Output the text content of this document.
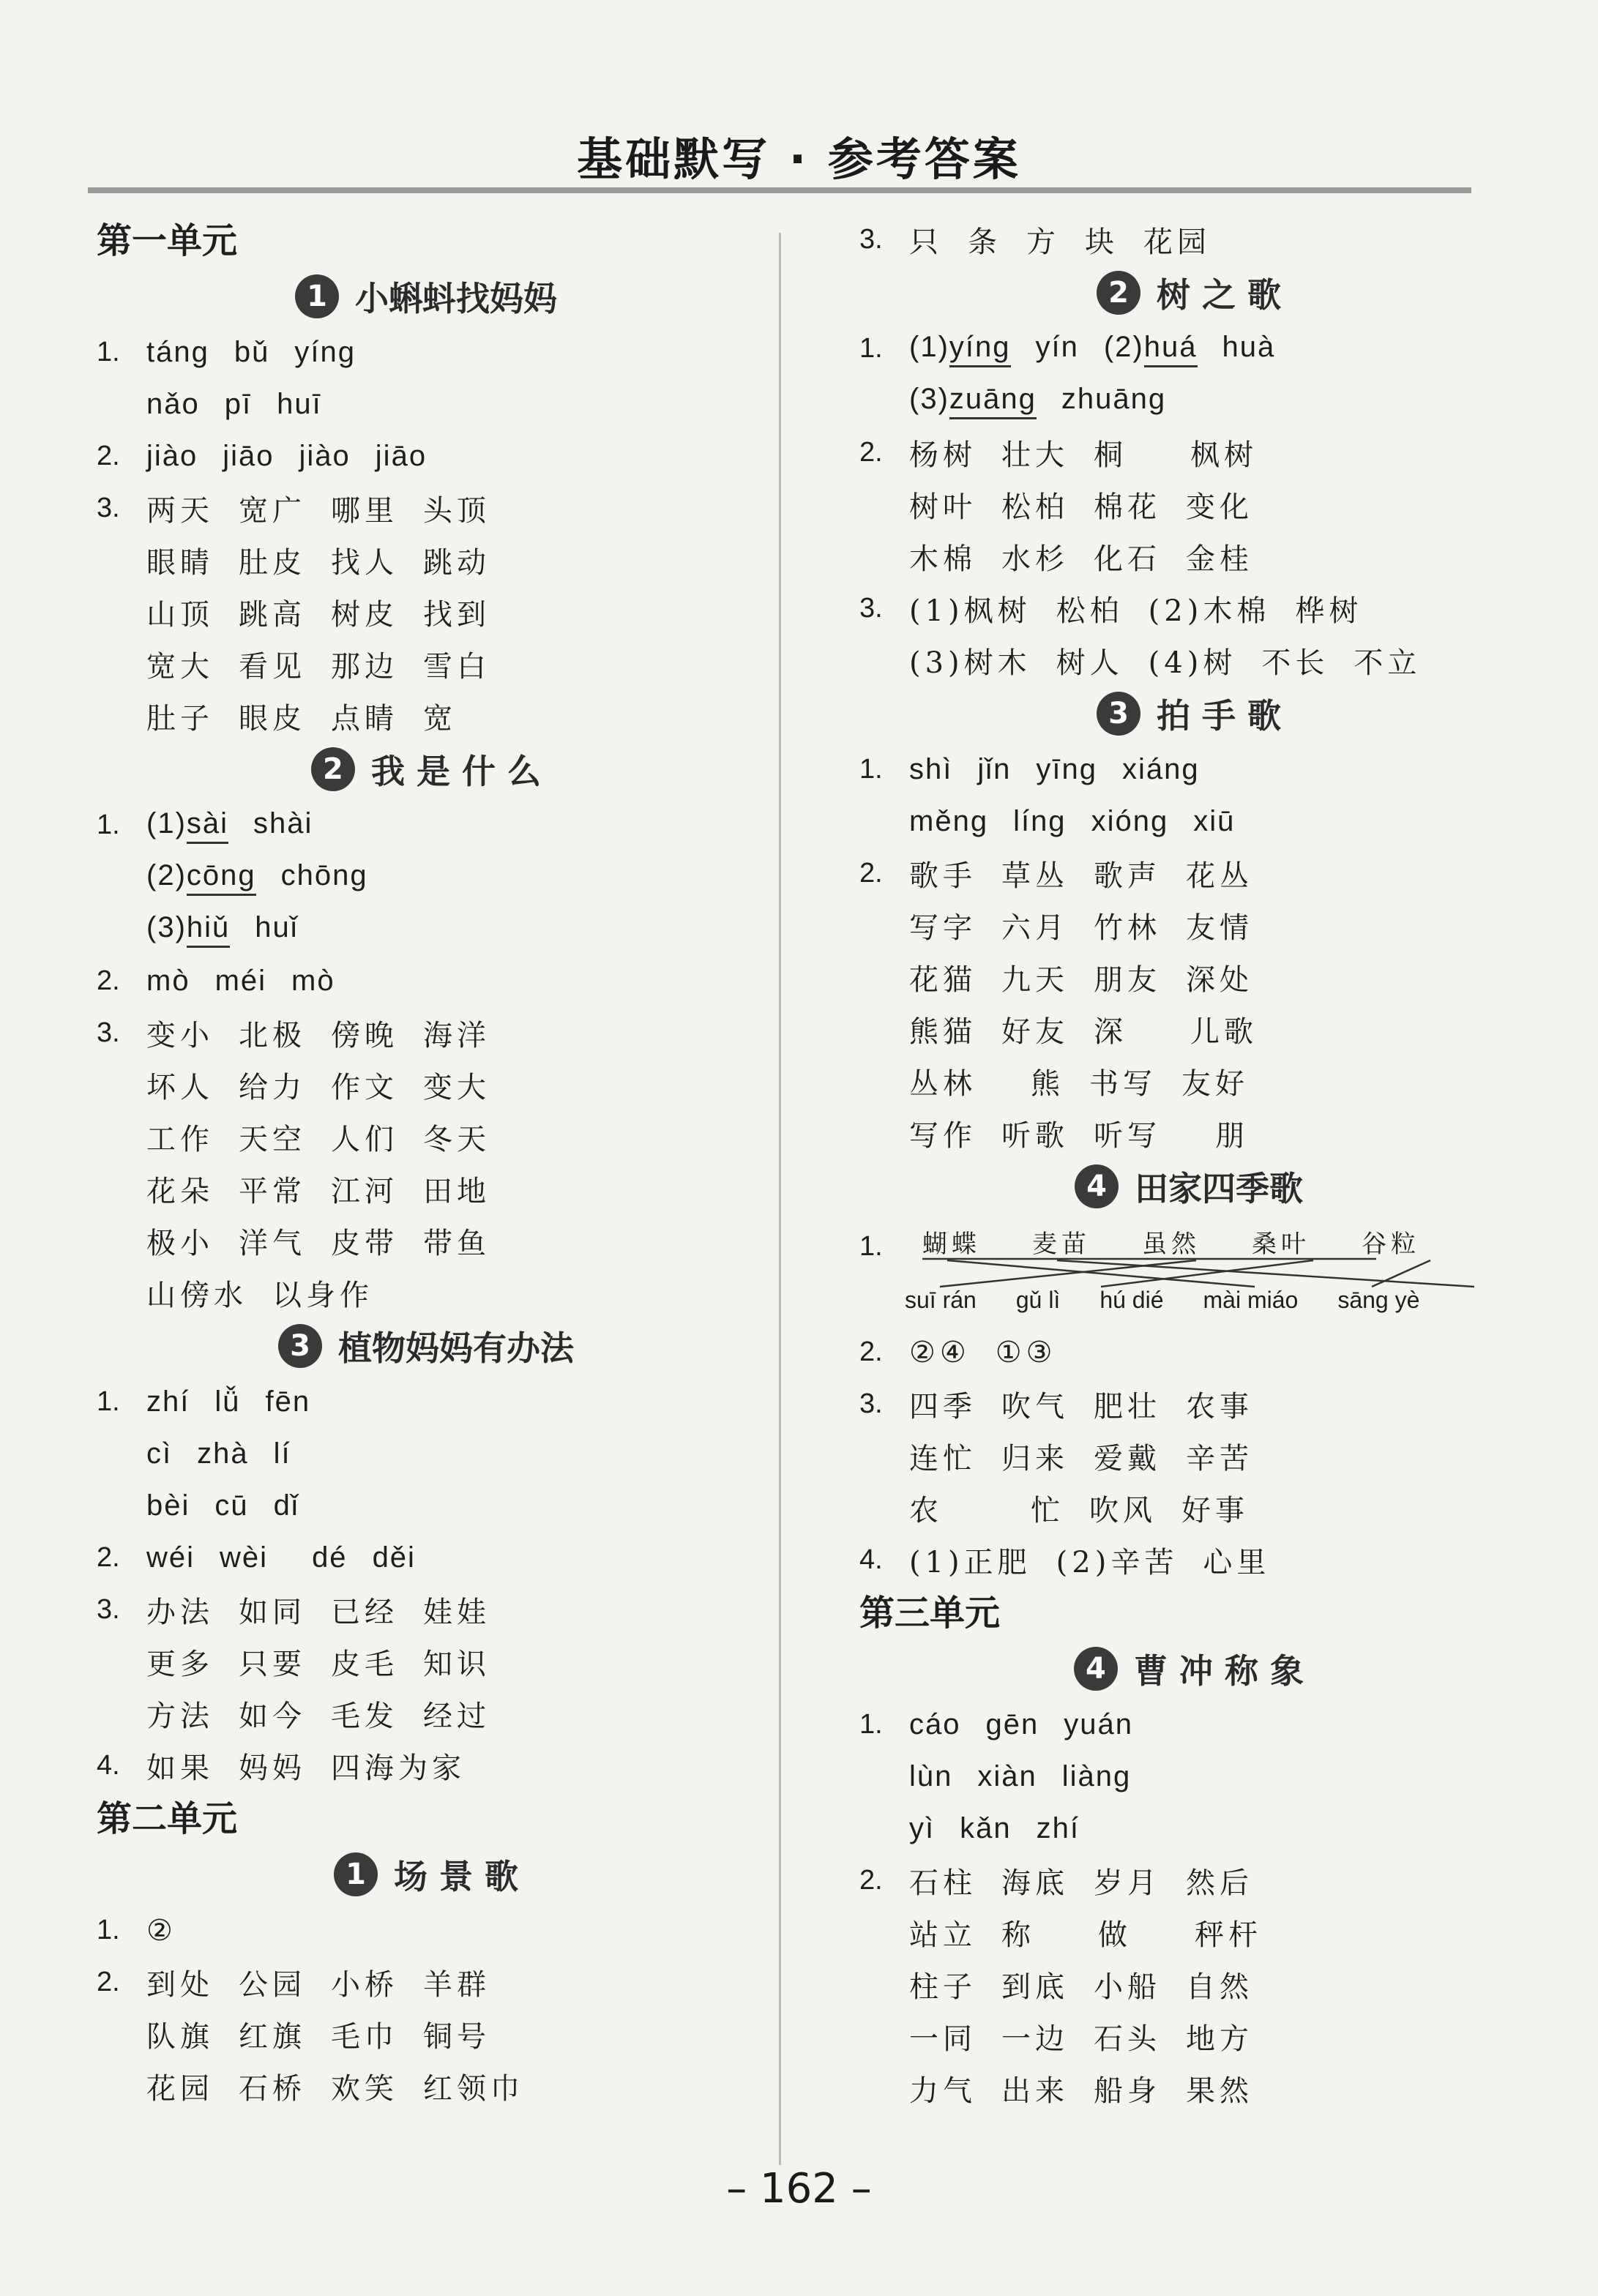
基础默写 · 参考答案
第一单元
1 小蝌蚪找妈妈
1. táng bǔ yíng
nǎo pī huī
2. jiào jiāo jiào jiāo
3. 两天 宽广 哪里 头顶
眼睛 肚皮 找人 跳动
山顶 跳高 树皮 找到
宽大 看见 那边 雪白
肚子 眼皮 点睛 宽
2 我 是 什 么
1. (1)sài shài
(2)cōng chōng
(3)hiǔ huǐ
2. mò méi mò
3. 变小 北极 傍晚 海洋
坏人 给力 作文 变大
工作 天空 人们 冬天
花朵 平常 江河 田地
极小 洋气 皮带 带鱼
山傍水 以身作
3 植物妈妈有办法
1. zhí lǚ fēn
cì zhà lí
bèi cū dǐ
2. wéi wèi dé děi
3. 办法 如同 已经 娃娃
更多 只要 皮毛 知识
方法 如今 毛发 经过
4. 如果 妈妈 四海为家
第二单元
1 场 景 歌
1. ②
2. 到处 公园 小桥 羊群
队旗 红旗 毛巾 铜号
花园 石桥 欢笑 红领巾
3. 只 条 方 块 花园
2 树 之 歌
1. (1)yíng yín (2)huá huà
(3)zuāng zhuāng
2. 杨树 壮大 桐 枫树
树叶 松柏 棉花 变化
木棉 水杉 化石 金桂
3. (1)枫树 松柏 (2)木棉 桦树
(3)树木 树人 (4)树 不长 不立
3 拍 手 歌
1. shì jǐn yīng xiáng
měng líng xióng xiū
2. 歌手 草丛 歌声 花丛
写字 六月 竹林 友情
花猫 九天 朋友 深处
熊猫 好友 深 儿歌
丛林 熊 书写 友好
写作 听歌 听写 朋
4 田家四季歌
1.	蝴蝶 麦苗 虽然 桑叶 谷粒
suī rán gǔ lì hú dié mài miáo sāng yè
2. ②④ ①③
3. 四季 吹气 肥壮 农事
连忙 归来 爱戴 辛苦
农	忙 吹风 好事
4. (1)正肥 (2)辛苦 心里
第三单元
4 曹 冲 称 象
1. cáo gēn yuán
lùn xiàn liàng
yì kǎn zhí
2. 石柱 海底 岁月 然后
站立 称 做 秤杆
柱子 到底 小船 自然
一同 一边 石头 地方
力气 出来 船身 果然
– 162 –
